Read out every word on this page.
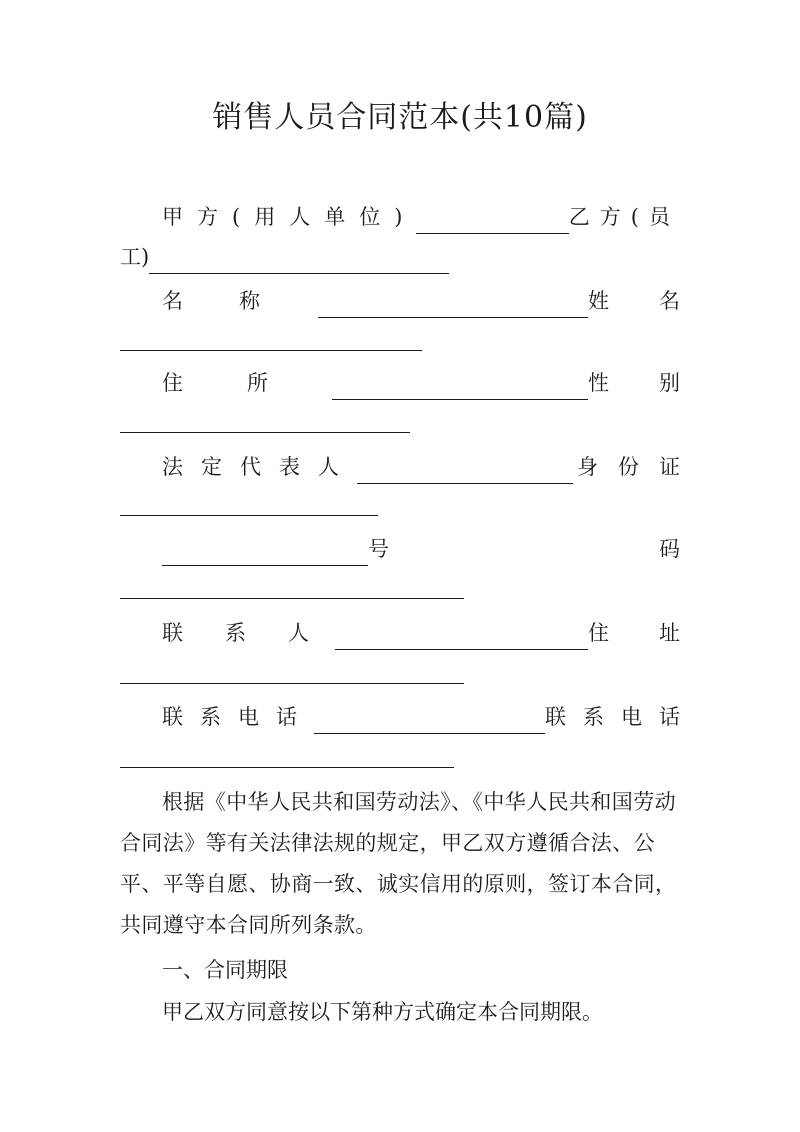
销售人员合同范本(共10篇)
甲方(用人单位)	乙方(员
工)
名称	姓名
住所	性别
法定代表人	身份证
号	码
联系人	住址
联系电话	联系电话
根据《中华人民共和国劳动法》、《中华人民共和国劳动合同法》等有关法律法规的规定，甲乙双方遵循合法、公平、平等自愿、协商一致、诚实信用的原则，签订本合同，共同遵守本合同所列条款。
一、合同期限
甲乙双方同意按以下第种方式确定本合同期限。
